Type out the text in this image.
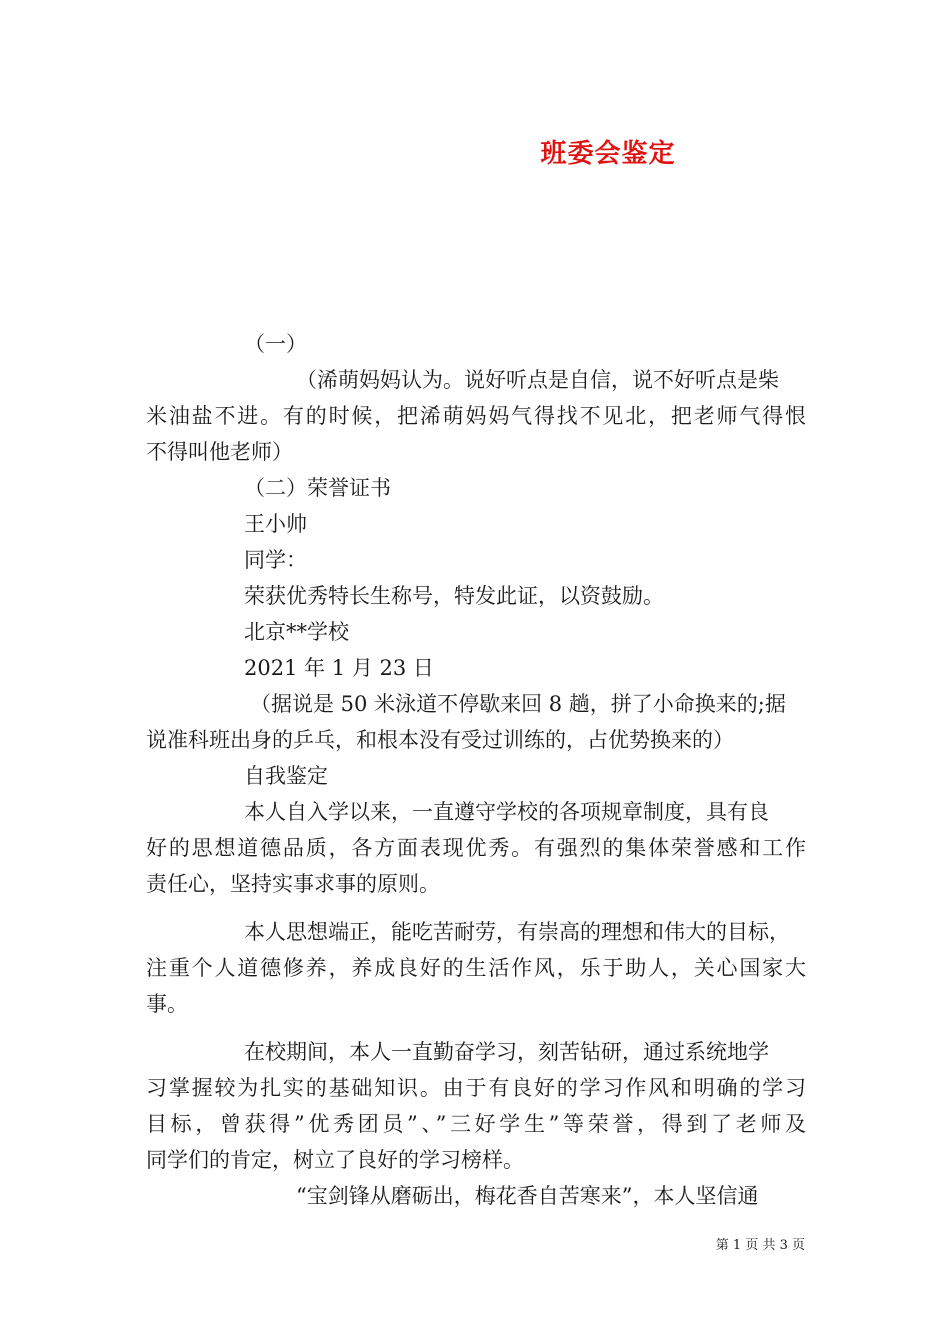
班委会鉴定
（一）
（浠萌妈妈认为。说好听点是自信，说不好听点是柴
米油盐不进。有的时候，把浠萌妈妈气得找不见北，把老师气得恨
不得叫他老师）
（二）荣誉证书
王小帅
同学：
荣获优秀特长生称号，特发此证，以资鼓励。
北京**学校
2021 年 1 月 23 日
（据说是 50 米泳道不停歇来回 8 趟，拼了小命换来的;据
说准科班出身的乒乓，和根本没有受过训练的，占优势换来的）
自我鉴定
本人自入学以来，一直遵守学校的各项规章制度，具有良
好的思想道德品质，各方面表现优秀。有强烈的集体荣誉感和工作
责任心，坚持实事求事的原则。
本人思想端正，能吃苦耐劳，有崇高的理想和伟大的目标，
注重个人道德修养，养成良好的生活作风，乐于助人，关心国家大
事。
在校期间，本人一直勤奋学习，刻苦钻研，通过系统地学
习掌握较为扎实的基础知识。由于有良好的学习作风和明确的学习
目标，曾获得”优秀团员”、”三好学生”等荣誉，得到了老师及
同学们的肯定，树立了良好的学习榜样。
“宝剑锋从磨砺出，梅花香自苦寒来”，本人坚信通
第 1 页 共 3 页
